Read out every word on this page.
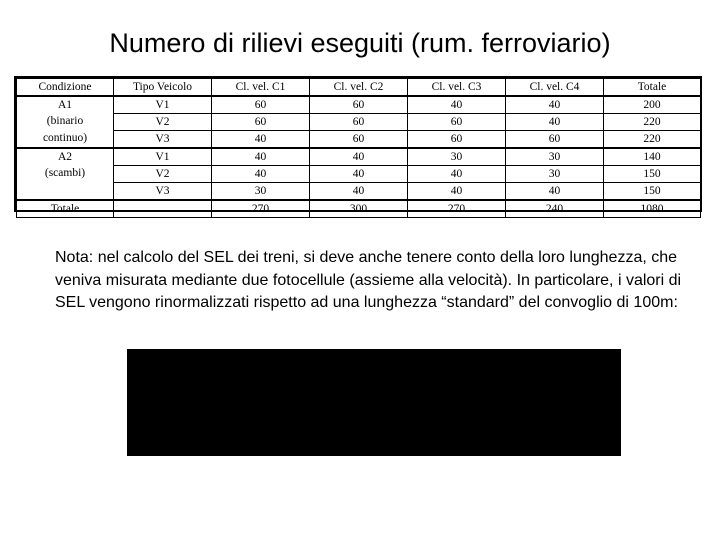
Numero di rilievi eseguiti (rum. ferroviario)
Condizione	Tipo Veicolo	Cl. vel. C1	Cl. vel. C2	Cl. vel. C3	Cl. vel. C4	Totale

A1
(binario
continuo)	V1	60	60	40	40	200
	V2	60	60	60	40	220
	V3	40	60	60	60	220

A2
(scambi)	V1	40	40	30	30	140
	V2	40	40	40	30	150
	V3	30	40	40	40	150
Totale		270	300	270	240	1080
Nota: nel calcolo del SEL dei treni, si deve anche tenere conto della loro lunghezza, che veniva misurata mediante due fotocellule (assieme alla velocità). In particolare, i valori di SEL vengono rinormalizzati rispetto ad una lunghezza “standard” del convoglio di 100m:
